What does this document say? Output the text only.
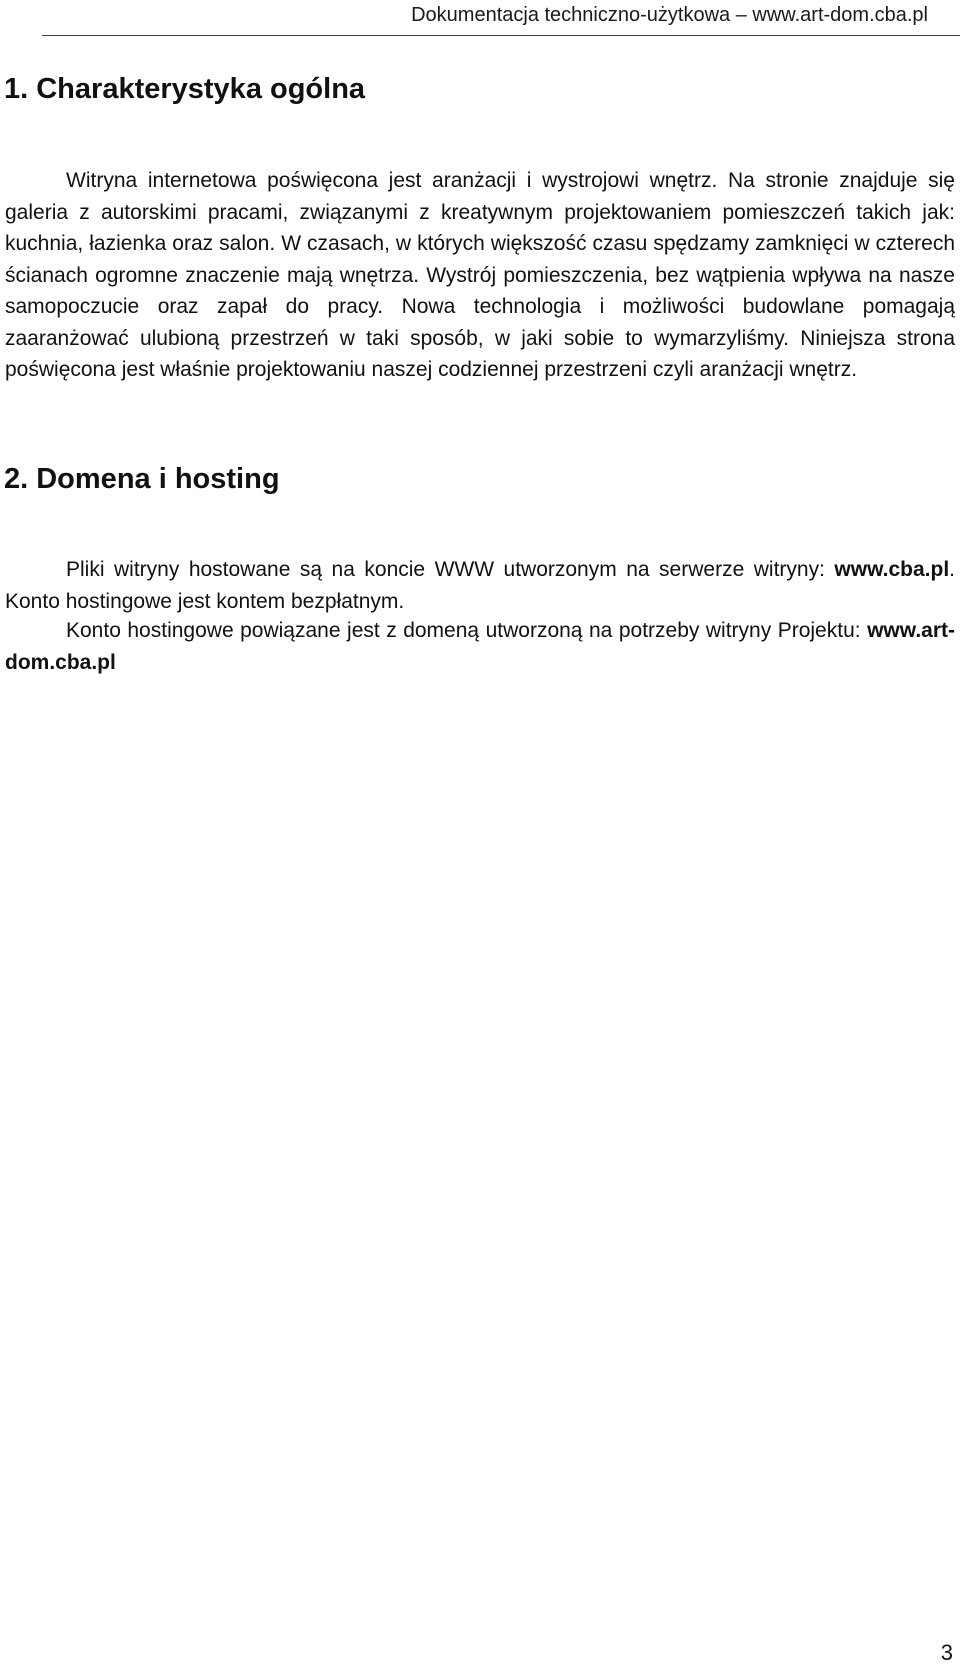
Dokumentacja techniczno-użytkowa – www.art-dom.cba.pl
1. Charakterystyka ogólna

Witryna internetowa poświęcona jest aranżacji i wystrojowi wnętrz. Na stronie znajduje się galeria z autorskimi pracami, związanymi z kreatywnym projektowaniem pomieszczeń takich jak: kuchnia, łazienka oraz salon. W czasach, w których większość czasu spędzamy zamknięci w czterech ścianach ogromne znaczenie mają wnętrza. Wystrój pomieszczenia, bez wątpienia wpływa na nasze samopoczucie oraz zapał do pracy. Nowa technologia i możliwości budowlane pomagają zaaranżować ulubioną przestrzeń w taki sposób, w jaki sobie to wymarzyliśmy. Niniejsza strona poświęcona jest właśnie projektowaniu naszej codziennej przestrzeni czyli aranżacji wnętrz.

2. Domena i hosting

Pliki witryny hostowane są na koncie WWW utworzonym na serwerze witryny: www.cba.pl. Konto hostingowe jest kontem bezpłatnym.

Konto hostingowe powiązane jest z domeną utworzoną na potrzeby witryny Projektu: www.art-dom.cba.pl

3
